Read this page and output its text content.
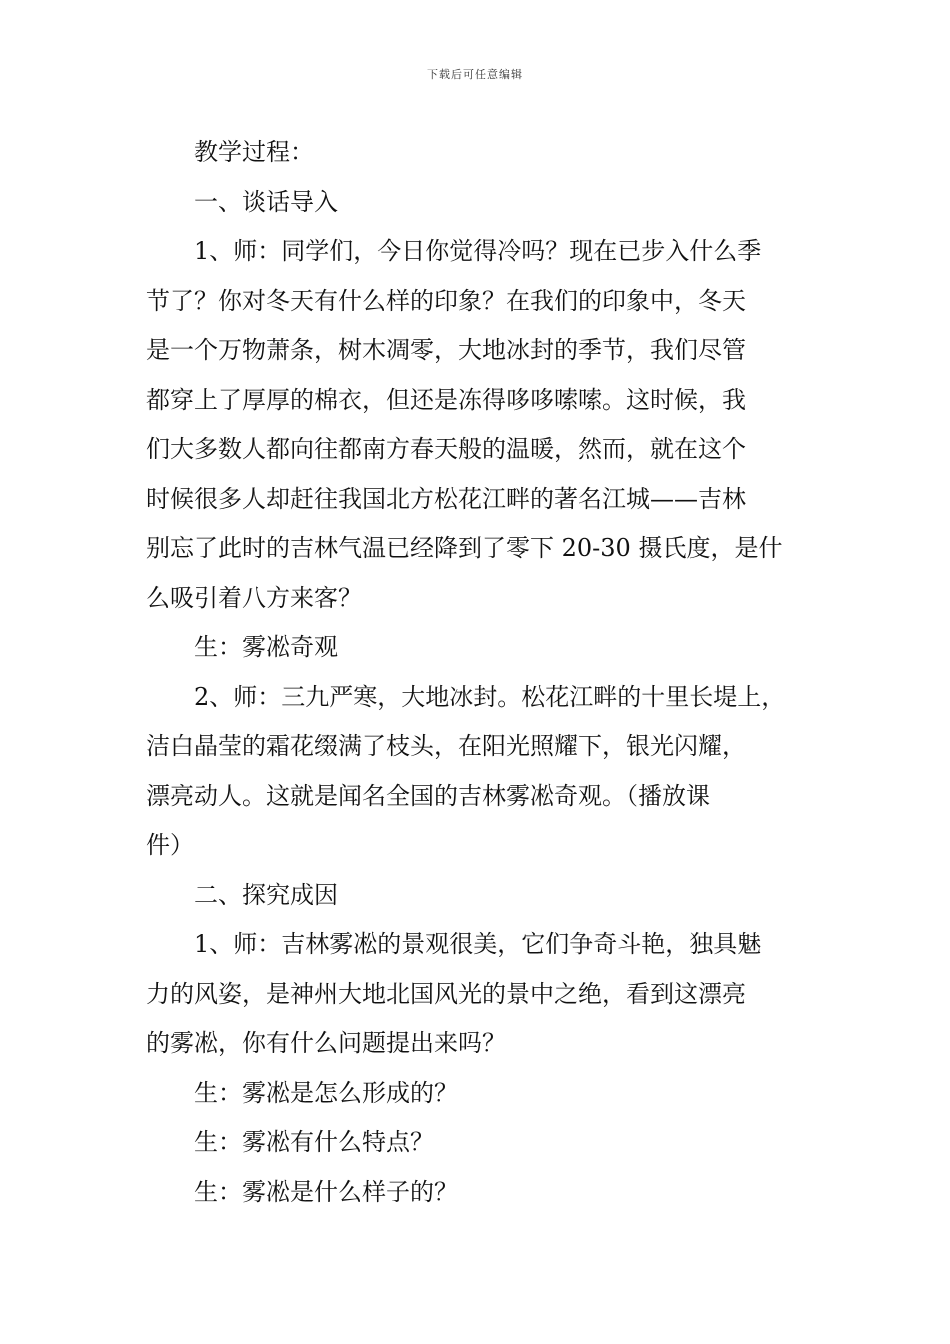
下载后可任意编辑
教学过程：
一、谈话导入
1、师：同学们，今日你觉得冷吗？现在已步入什么季
节了？你对冬天有什么样的印象？在我们的印象中，冬天
是一个万物萧条，树木凋零，大地冰封的季节，我们尽管
都穿上了厚厚的棉衣，但还是冻得哆哆嗦嗦。这时候，我
们大多数人都向往都南方春天般的温暖，然而，就在这个
时候很多人却赶往我国北方松花江畔的著名江城——吉林
别忘了此时的吉林气温已经降到了零下 20-30 摄氏度，是什
么吸引着八方来客？
生：雾凇奇观
2、师：三九严寒，大地冰封。松花江畔的十里长堤上，
洁白晶莹的霜花缀满了枝头，在阳光照耀下，银光闪耀，
漂亮动人。这就是闻名全国的吉林雾凇奇观。（播放课
件）
二、探究成因
1、师：吉林雾凇的景观很美，它们争奇斗艳，独具魅
力的风姿，是神州大地北国风光的景中之绝，看到这漂亮
的雾凇，你有什么问题提出来吗？
生：雾凇是怎么形成的？
生：雾凇有什么特点？
生：雾凇是什么样子的？
